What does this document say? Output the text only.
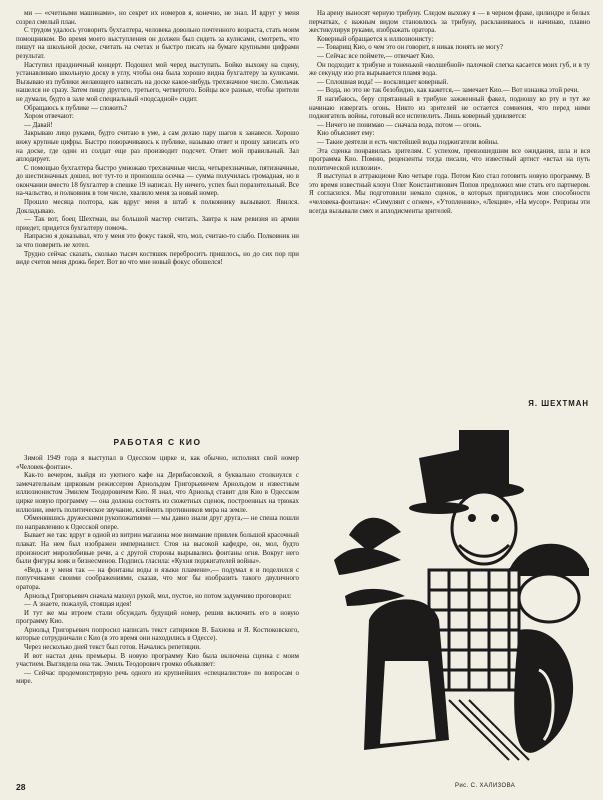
ми — «счетными машинами», но секрет их номеров я, конечно, не знал. И вдруг у меня созрел смелый план.

С трудом удалось уговорить бухгалтера, человека довольно почтенного возраста, стать моим помощником. Во время моего выступления он должен был сидеть за кулисами, смотреть, что пишут на школьной доске, считать на счетах и быстро писать на бумаге крупными цифрами результат.

Наступил праздничный концерт. Подошел мой черед выступать. Бойко выхожу на сцену, устанавливаю школьную доску в углу, чтобы она была хорошо видна бухгалтеру за кулисами. Вызываю из публики желающего написать на доске какое-нибудь трехзначное число. Смельчак нашелся не сразу. Затем пишу другого, третьего, четвертого. Бойцы все разные, чтобы зрители не думали, будто в зале мой специальный «подсадной» сидит.

Обращаюсь к публике — сложить?

Хором отвечают:

— Давай!

Закрываю лицо руками, будто считаю в уме, а сам делаю пару шагов к занавеси. Хорошо вижу крупные цифры. Быстро поворачиваюсь к публике, называю ответ и прошу записать его на доске, где один из солдат еще раз производит подсчет. Ответ мой правильный. Зал аплодирует.

С помощью бухгалтера быстро умножаю трехзначные числа, четырехзначные, пятизначные, до шестизначных дошел, вот тут-то и произошла осечка — сумма получилась громадная, но в окончании вместо 18 бухгалтер в спешке 19 написал. Ну ничего, успех был поразительный. Все на-чальство, и полковник в том числе, хвалило меня за новый номер.

Прошло месяца полтора, как вдруг меня в штаб к полковнику вызывают. Явился. Докладываю.

— Так вот, боец Шехтман, вы большой мастер считать. Завтра к нам ревизия из армии приедет, придется бухгалтеру помочь.

Напрасно я доказывал, что у меня это фокус такой, что, мол, считаю-то слабо. Полковник ни за что поверить не хотел.

Трудно сейчас сказать, сколько тысяч костяшек переброситъ пришлось, но до сих пор при виде счетов меня дрожь берет. Вот во что мне новый фокус обошелся!

На арену выносят черную трибуну. Следом выхожу я — в черном фраке, цилиндре и белых перчатках, с важным видом становлюсь за трибуну, раскланиваюсь и начинаю, плавно жестикулируя руками, изображать оратора.

Коверный обращается к иллюзионисту:

— Товарищ Кио, о чем это он говорит, я никак понять не могу?

— Сейчас все поймете,— отвечает Кио.

Он подходит к трибуне и тоненькой «волшебной» палочкой слегка касается моих губ, и в ту же секунду изо рта вырывается пламя вода.

— Сплошная вода! — восклицает коверный.

— Вода, но это не так безобидно, как кажется,— замечает Кио.— Вот изнанка этой речи.

Я нагибаюсь, беру спрятанный в трибуне зажженный факел, подношу ко рту и тут же начинаю извергать огонь. Никто из зрителей не остается сомнения, что перед ними поджигатель войны, готовый все испепелить. Лишь коверный удивляется:

— Ничего не понимаю — сначала вода, потом — огонь.

Кио объясняет ему:

— Такие деятели и есть чистейшей воды поджигатели войны.

Эта сценка понравилась зрителям. С успехом, превзошедшим все ожидания, шла и вся программа Кио. Помню, рецензенты тогда писали, что известный артист «встал на путь политической иллюзии».

Я выступал в аттракционе Кио четыре года. Потом Кио стал готовить новую программу. В это время известный клоун Олег Константинович Попов предложил мне стать его партнером. Я согласился. Мы подготовили немало сценок, в которых пригодились мои способности «человека-фонтана»: «Симулянт с огнем», «Утопленник», «Лекция», «На мусор». Репризы эти всегда вызывали смех и аплодисменты зрителей.

Я. ШЕХТМАН
РАБОТАЯ С КИО

Зимой 1949 года я выступал в Одесском цирке и, как обычно, исполнял свой номер «Человек-фонтан».

Как-то вечером, выйдя из уютного кафе на Дерибасовской, я буквально столкнулся с замечательным цирковым режиссером Арнольдом Григорьевичем Арнольдом и известным иллюзионистом Эмилем Теодоровичем Кио. Я знал, что Арнольд ставит для Кио в Одесском цирке новую программу — она должна состоять из сюжетных сценок, построенных на трюках иллюзии, иметь политическое звучание, клеймить противников мира на земле.

Обменявшись дружескими рукопожатиями — мы давно знали друг друга,— не спеша пошли по направлению к Одесской опере.

Бывает же так: вдруг в одной из витрин магазина мое внимание привлек большой красочный плакат. На нем был изображен империалист. Стоя на высокой кафедре, он, мол, будто произносит миролюбивые речи, а с другой стороны вырывались фонтаны огня. Вокруг него были фигуры вояк и бизнесменов. Подпись гласила: «Кухня поджигателей войны».

«Ведь и у меня так — на фонтаны воды и языки пламени»,— подумал я и поделился с попутчиками своими соображениями, сказав, что мог бы изобразить такого двуличного оратора.

Арнольд Григорьевич сначала махнул рукой, мол, пустое, но потом задумчиво проговорил:

— А знаете, пожалуй, стоящая идея!

И тут же мы втроем стали обсуждать будущий номер, решив включить его в новую программу Кио.

Арнольд Григорьевич попросил написать текст сатириков В. Бахнова и Я. Костюковского, которые сотрудничали с Кио (в это время они находились в Одессе).

Через несколько дней текст был готов. Начались репетиции.

И вот настал день премьеры. В новую программу Кио была включена сценка с моим участием. Выглядела она так. Эмиль Теодорович громко объявляет:

— Сейчас продемонстрирую речь одного из крупнейших «специалистов» по вопросам о мире.

28	Рис. С. ХАЛИЗОВА
